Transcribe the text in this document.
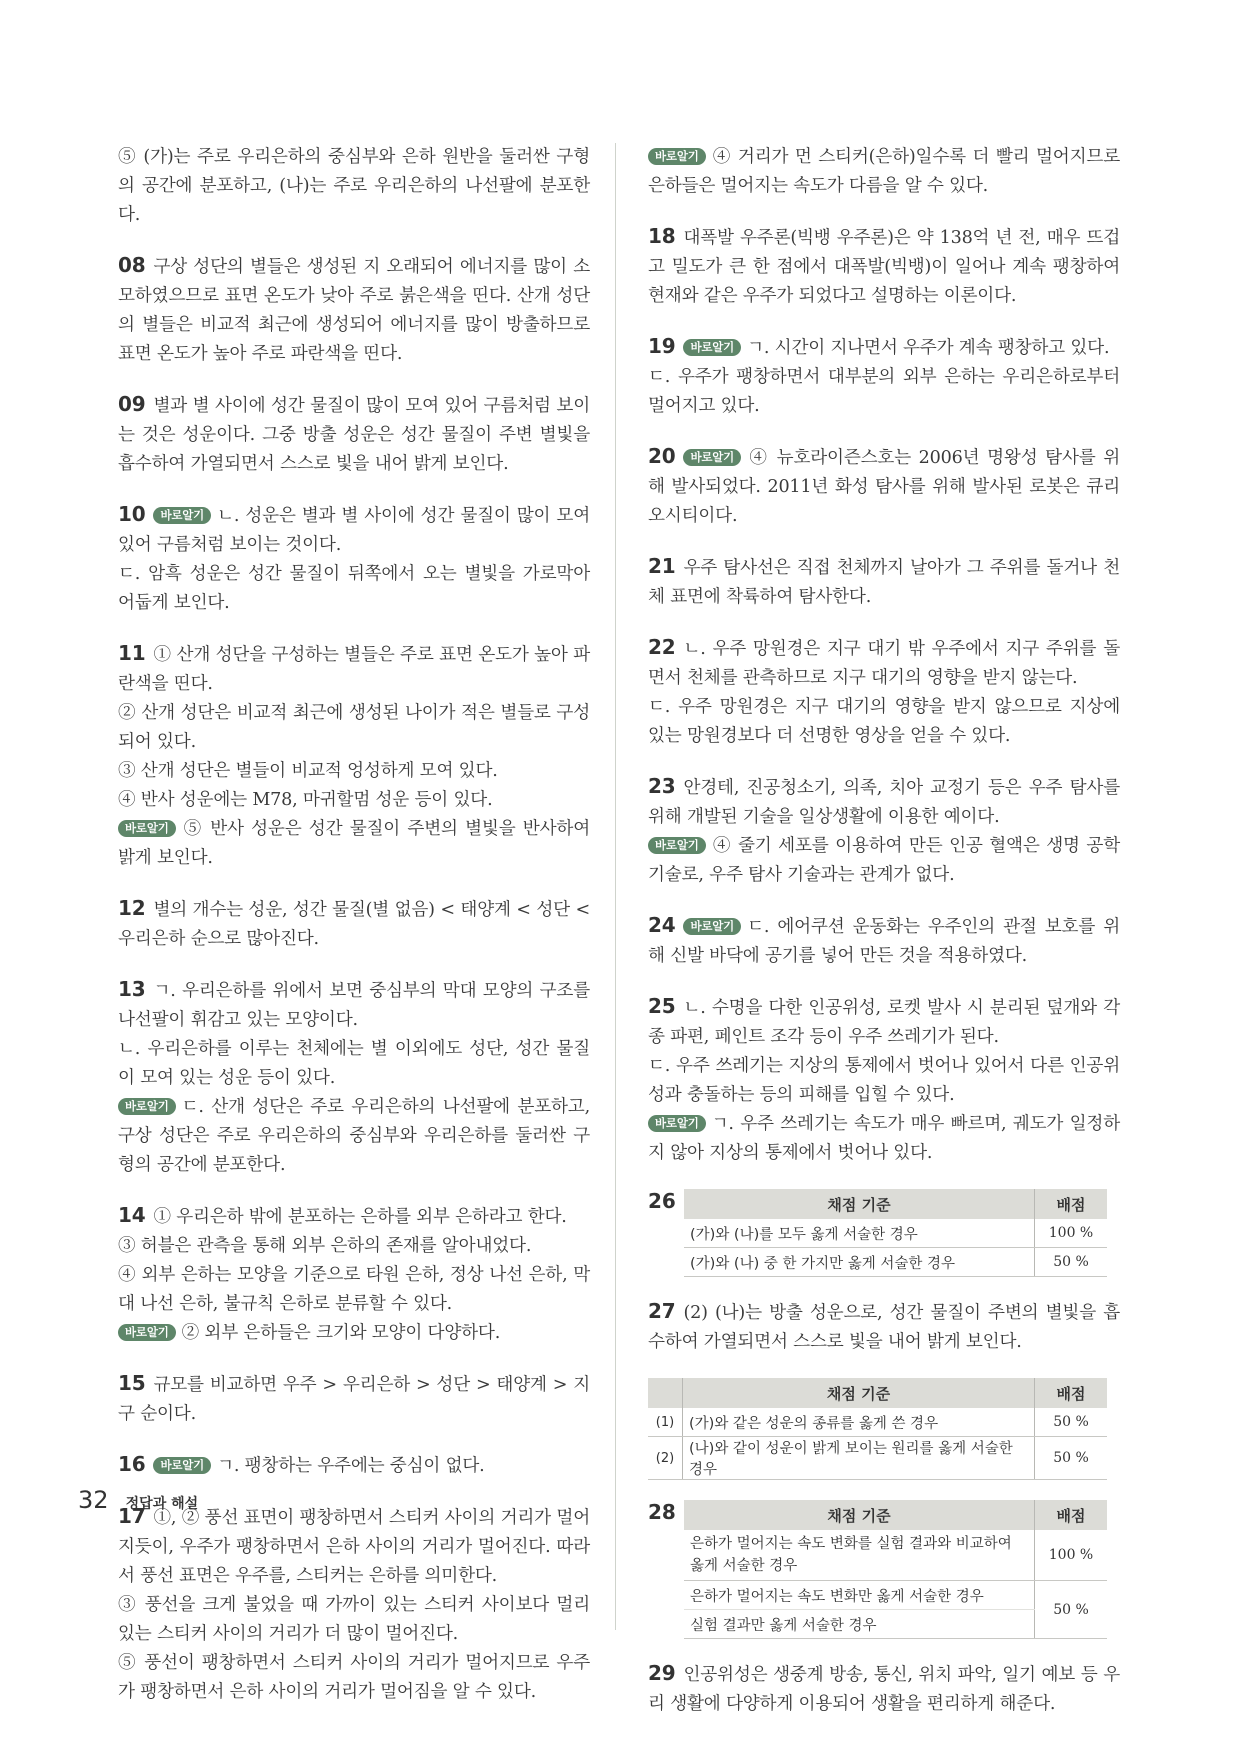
⑤ (가)는 주로 우리은하의 중심부와 은하 원반을 둘러싼 구형의 공간에 분포하고, (나)는 주로 우리은하의 나선팔에 분포한다.

08 구상 성단의 별들은 생성된 지 오래되어 에너지를 많이 소모하였으므로 표면 온도가 낮아 주로 붉은색을 띤다. 산개 성단의 별들은 비교적 최근에 생성되어 에너지를 많이 방출하므로 표면 온도가 높아 주로 파란색을 띤다.

09 별과 별 사이에 성간 물질이 많이 모여 있어 구름처럼 보이는 것은 성운이다. 그중 방출 성운은 성간 물질이 주변 별빛을 흡수하여 가열되면서 스스로 빛을 내어 밝게 보인다.

10 바로알기 ㄴ. 성운은 별과 별 사이에 성간 물질이 많이 모여 있어 구름처럼 보이는 것이다.

ㄷ. 암흑 성운은 성간 물질이 뒤쪽에서 오는 별빛을 가로막아 어둡게 보인다.

11 ① 산개 성단을 구성하는 별들은 주로 표면 온도가 높아 파란색을 띤다.

② 산개 성단은 비교적 최근에 생성된 나이가 적은 별들로 구성되어 있다.

③ 산개 성단은 별들이 비교적 엉성하게 모여 있다.

④ 반사 성운에는 M78, 마귀할멈 성운 등이 있다.

바로알기 ⑤ 반사 성운은 성간 물질이 주변의 별빛을 반사하여 밝게 보인다.

12 별의 개수는 성운, 성간 물질(별 없음) < 태양계 < 성단 < 우리은하 순으로 많아진다.

13 ㄱ. 우리은하를 위에서 보면 중심부의 막대 모양의 구조를 나선팔이 휘감고 있는 모양이다.

ㄴ. 우리은하를 이루는 천체에는 별 이외에도 성단, 성간 물질이 모여 있는 성운 등이 있다.

바로알기 ㄷ. 산개 성단은 주로 우리은하의 나선팔에 분포하고, 구상 성단은 주로 우리은하의 중심부와 우리은하를 둘러싼 구형의 공간에 분포한다.

14 ① 우리은하 밖에 분포하는 은하를 외부 은하라고 한다.

③ 허블은 관측을 통해 외부 은하의 존재를 알아내었다.

④ 외부 은하는 모양을 기준으로 타원 은하, 정상 나선 은하, 막대 나선 은하, 불규칙 은하로 분류할 수 있다.

바로알기 ② 외부 은하들은 크기와 모양이 다양하다.

15 규모를 비교하면 우주 > 우리은하 > 성단 > 태양계 > 지구 순이다.

16 바로알기 ㄱ. 팽창하는 우주에는 중심이 없다.

17 ①, ② 풍선 표면이 팽창하면서 스티커 사이의 거리가 멀어지듯이, 우주가 팽창하면서 은하 사이의 거리가 멀어진다. 따라서 풍선 표면은 우주를, 스티커는 은하를 의미한다.

③ 풍선을 크게 불었을 때 가까이 있는 스티커 사이보다 멀리 있는 스티커 사이의 거리가 더 많이 멀어진다.

⑤ 풍선이 팽창하면서 스티커 사이의 거리가 멀어지므로 우주가 팽창하면서 은하 사이의 거리가 멀어짐을 알 수 있다.

바로알기 ④ 거리가 먼 스티커(은하)일수록 더 빨리 멀어지므로 은하들은 멀어지는 속도가 다름을 알 수 있다.

18 대폭발 우주론(빅뱅 우주론)은 약 138억 년 전, 매우 뜨겁고 밀도가 큰 한 점에서 대폭발(빅뱅)이 일어나 계속 팽창하여 현재와 같은 우주가 되었다고 설명하는 이론이다.

19 바로알기 ㄱ. 시간이 지나면서 우주가 계속 팽창하고 있다.

ㄷ. 우주가 팽창하면서 대부분의 외부 은하는 우리은하로부터 멀어지고 있다.

20 바로알기 ④ 뉴호라이즌스호는 2006년 명왕성 탐사를 위해 발사되었다. 2011년 화성 탐사를 위해 발사된 로봇은 큐리오시티이다.

21 우주 탐사선은 직접 천체까지 날아가 그 주위를 돌거나 천체 표면에 착륙하여 탐사한다.

22 ㄴ. 우주 망원경은 지구 대기 밖 우주에서 지구 주위를 돌면서 천체를 관측하므로 지구 대기의 영향을 받지 않는다.

ㄷ. 우주 망원경은 지구 대기의 영향을 받지 않으므로 지상에 있는 망원경보다 더 선명한 영상을 얻을 수 있다.

23 안경테, 진공청소기, 의족, 치아 교정기 등은 우주 탐사를 위해 개발된 기술을 일상생활에 이용한 예이다.

바로알기 ④ 줄기 세포를 이용하여 만든 인공 혈액은 생명 공학 기술로, 우주 탐사 기술과는 관계가 없다.

24 바로알기 ㄷ. 에어쿠션 운동화는 우주인의 관절 보호를 위해 신발 바닥에 공기를 넣어 만든 것을 적용하였다.

25 ㄴ. 수명을 다한 인공위성, 로켓 발사 시 분리된 덮개와 각종 파편, 페인트 조각 등이 우주 쓰레기가 된다.

ㄷ. 우주 쓰레기는 지상의 통제에서 벗어나 있어서 다른 인공위성과 충돌하는 등의 피해를 입힐 수 있다.

바로알기 ㄱ. 우주 쓰레기는 속도가 매우 빠르며, 궤도가 일정하지 않아 지상의 통제에서 벗어나 있다.

26	채점 기준	배점
(가)와 (나)를 모두 옳게 서술한 경우	100 %
(가)와 (나) 중 한 가지만 옳게 서술한 경우	50 %

27 (2) (나)는 방출 성운으로, 성간 물질이 주변의 별빛을 흡수하여 가열되면서 스스로 빛을 내어 밝게 보인다.

	채점 기준	배점
(1)	(가)와 같은 성운의 종류를 옳게 쓴 경우	50 %
(2)	(나)와 같이 성운이 밝게 보이는 원리를 옳게 서술한 경우	50 %
28	채점 기준	배점
은하가 멀어지는 속도 변화를 실험 결과와 비교하여 옳게 서술한 경우	100 %
은하가 멀어지는 속도 변화만 옳게 서술한 경우	50 %
실험 결과만 옳게 서술한 경우	

29 인공위성은 생중계 방송, 통신, 위치 파악, 일기 예보 등 우리 생활에 다양하게 이용되어 생활을 편리하게 해준다.

32 정답과 해설
